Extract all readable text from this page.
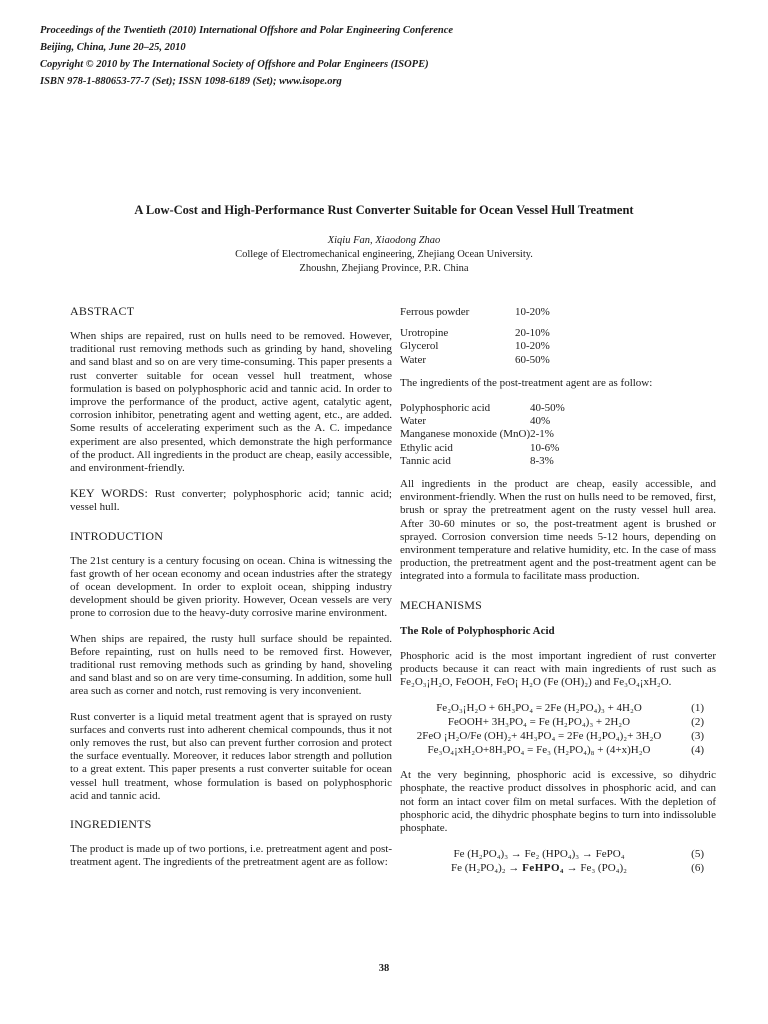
Proceedings of the Twentieth (2010) International Offshore and Polar Engineering Conference
Beijing, China, June 20–25, 2010
Copyright © 2010 by The International Society of Offshore and Polar Engineers (ISOPE)
ISBN 978-1-880653-77-7 (Set); ISSN 1098-6189 (Set); www.isope.org
A Low-Cost and High-Performance Rust Converter Suitable for Ocean Vessel Hull Treatment
Xiqiu Fan, Xiaodong Zhao
College of Electromechanical engineering, Zhejiang Ocean University.
Zhoushn, Zhejiang Province, P.R. China
ABSTRACT

When ships are repaired, rust on hulls need to be removed. However, traditional rust removing methods such as grinding by hand, shoveling and sand blast and so on are very time-consuming. This paper presents a rust converter suitable for ocean vessel hull treatment, whose formulation is based on polyphosphoric acid and tannic acid. In order to improve the performance of the product, active agent, catalytic agent, corrosion inhibitor, penetrating agent and wetting agent, etc., are added. Some results of accelerating experiment such as the A. C. impedance experiment are also presented, which demonstrate the high performance of the product. All ingredients in the product are cheap, easily accessible, and environment-friendly.

KEY WORDS: Rust converter; polyphosphoric acid; tannic acid; vessel hull.

INTRODUCTION

The 21st century is a century focusing on ocean. China is witnessing the fast growth of her ocean economy and ocean industries after the strategy of ocean development. In order to exploit ocean, shipping industry development should be given priority. However, Ocean vessels are very prone to corrosion due to the heavy-duty corrosive marine environment.

When ships are repaired, the rusty hull surface should be repainted. Before repainting, rust on hulls need to be removed first. However, traditional rust removing methods such as grinding by hand, shoveling and sand blast and so on are very time-consuming. In addition, some hull area such as corner and notch, rust removing is very inconvenient.

Rust converter is a liquid metal treatment agent that is sprayed on rusty surfaces and converts rust into adherent chemical compounds, thus it not only removes the rust, but also can prevent further corrosion and protect the surface eventually. Moreover, it reduces labor strength and pollution to a great extent. This paper presents a rust converter suitable for ocean vessel hull treatment, whose formulation is based on polyphosphoric acid and tannic acid.

INGREDIENTS

The product is made up of two portions, i.e. pretreatment agent and post-treatment agent. The ingredients of the pretreatment agent are as follow:

Ferrous powder	10-20%
Urotropine	20-10%
Glycerol	10-20%
Water	60-50%

The ingredients of the post-treatment agent are as follow:

Polyphosphoric acid	40-50%
Water	40%
Manganese monoxide (MnO) 2-1%
Ethylic acid	10-6%
Tannic acid	8-3%

All ingredients in the product are cheap, easily accessible, and environment-friendly. When the rust on hulls need to be removed, first, brush or spray the pretreatment agent on the rusty vessel hull area. After 30-60 minutes or so, the post-treatment agent is brushed or sprayed. Corrosion conversion time needs 5-12 hours, depending on environment temperature and relative humidity, etc. In the case of mass production, the pretreatment agent and the post-treatment agent can be integrated into a formula to facilitate mass production.

MECHANISMS
The Role of Polyphosphoric Acid

Phosphoric acid is the most important ingredient of rust converter products because it can react with main ingredients of rust such as Fe₂O₃¡H₂O, FeOOH, FeO¡ H₂O (Fe (OH)₂) and Fe₃O₄¡xH₂O.

Fe₂O₃¡H₂O + 6H₃PO₄ = 2Fe (H₂PO₄)₃ + 4H₂O	(1)
FeOOH+ 3H₃PO₄ = Fe (H₂PO₄)₃ + 2H₂O	(2)
2FeO ¡H₂O/Fe (OH)₂+ 4H₃PO₄ = 2Fe (H₂PO₄)₂+ 3H₂O	(3)
Fe₃O₄¡xH₂O+8H₃PO₄ = Fe₃ (H₂PO₄)₈ + (4+x)H₂O	(4)

At the very beginning, phosphoric acid is excessive, so dihydric phosphate, the reactive product dissolves in phosphoric acid, and can not form an intact cover film on metal surfaces. With the depletion of phosphoric acid, the dihydric phosphate begins to turn into indissoluble phosphate.

Fe (H₂PO₄)₃ → Fe₂ (HPO₄)₃ → FePO₄	(5)
Fe (H₂PO₄)₂ → FeHPO₄ → Fe₃ (PO₄)₂	(6)
38
